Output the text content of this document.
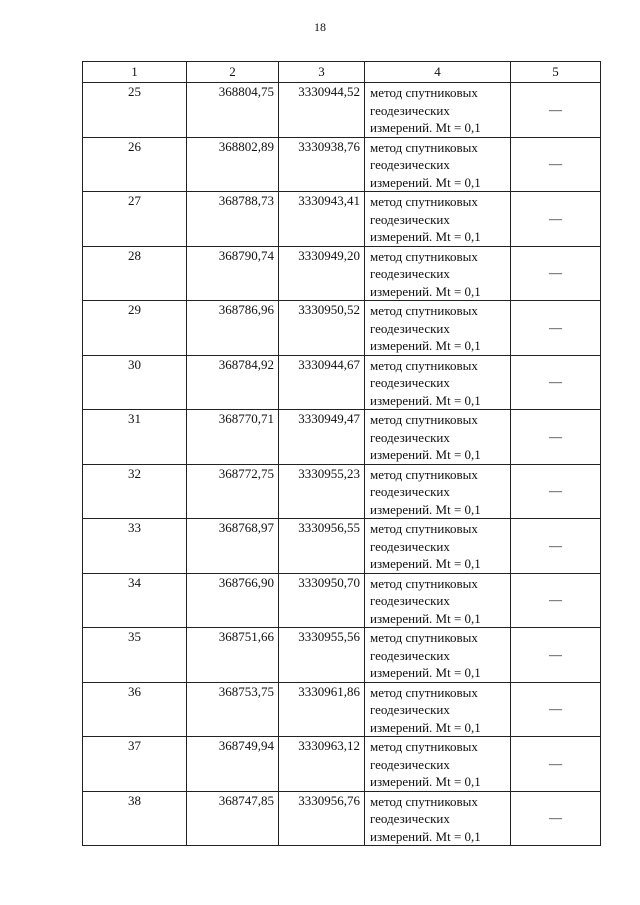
18
1	2	3	4	5
25	368804,75	3330944,52	метод спутниковых
геодезических
измерений. Mt = 0,1	—
26	368802,89	3330938,76	метод спутниковых
геодезических
измерений. Mt = 0,1	—
27	368788,73	3330943,41	метод спутниковых
геодезических
измерений. Mt = 0,1	—
28	368790,74	3330949,20	метод спутниковых
геодезических
измерений. Mt = 0,1	—
29	368786,96	3330950,52	метод спутниковых
геодезических
измерений. Mt = 0,1	—
30	368784,92	3330944,67	метод спутниковых
геодезических
измерений. Mt = 0,1	—
31	368770,71	3330949,47	метод спутниковых
геодезических
измерений. Mt = 0,1	—
32	368772,75	3330955,23	метод спутниковых
геодезических
измерений. Mt = 0,1	—
33	368768,97	3330956,55	метод спутниковых
геодезических
измерений. Mt = 0,1	—
34	368766,90	3330950,70	метод спутниковых
геодезических
измерений. Mt = 0,1	—
35	368751,66	3330955,56	метод спутниковых
геодезических
измерений. Mt = 0,1	—
36	368753,75	3330961,86	метод спутниковых
геодезических
измерений. Mt = 0,1	—
37	368749,94	3330963,12	метод спутниковых
геодезических
измерений. Mt = 0,1	—
38	368747,85	3330956,76	метод спутниковых
геодезических
измерений. Mt = 0,1	—
